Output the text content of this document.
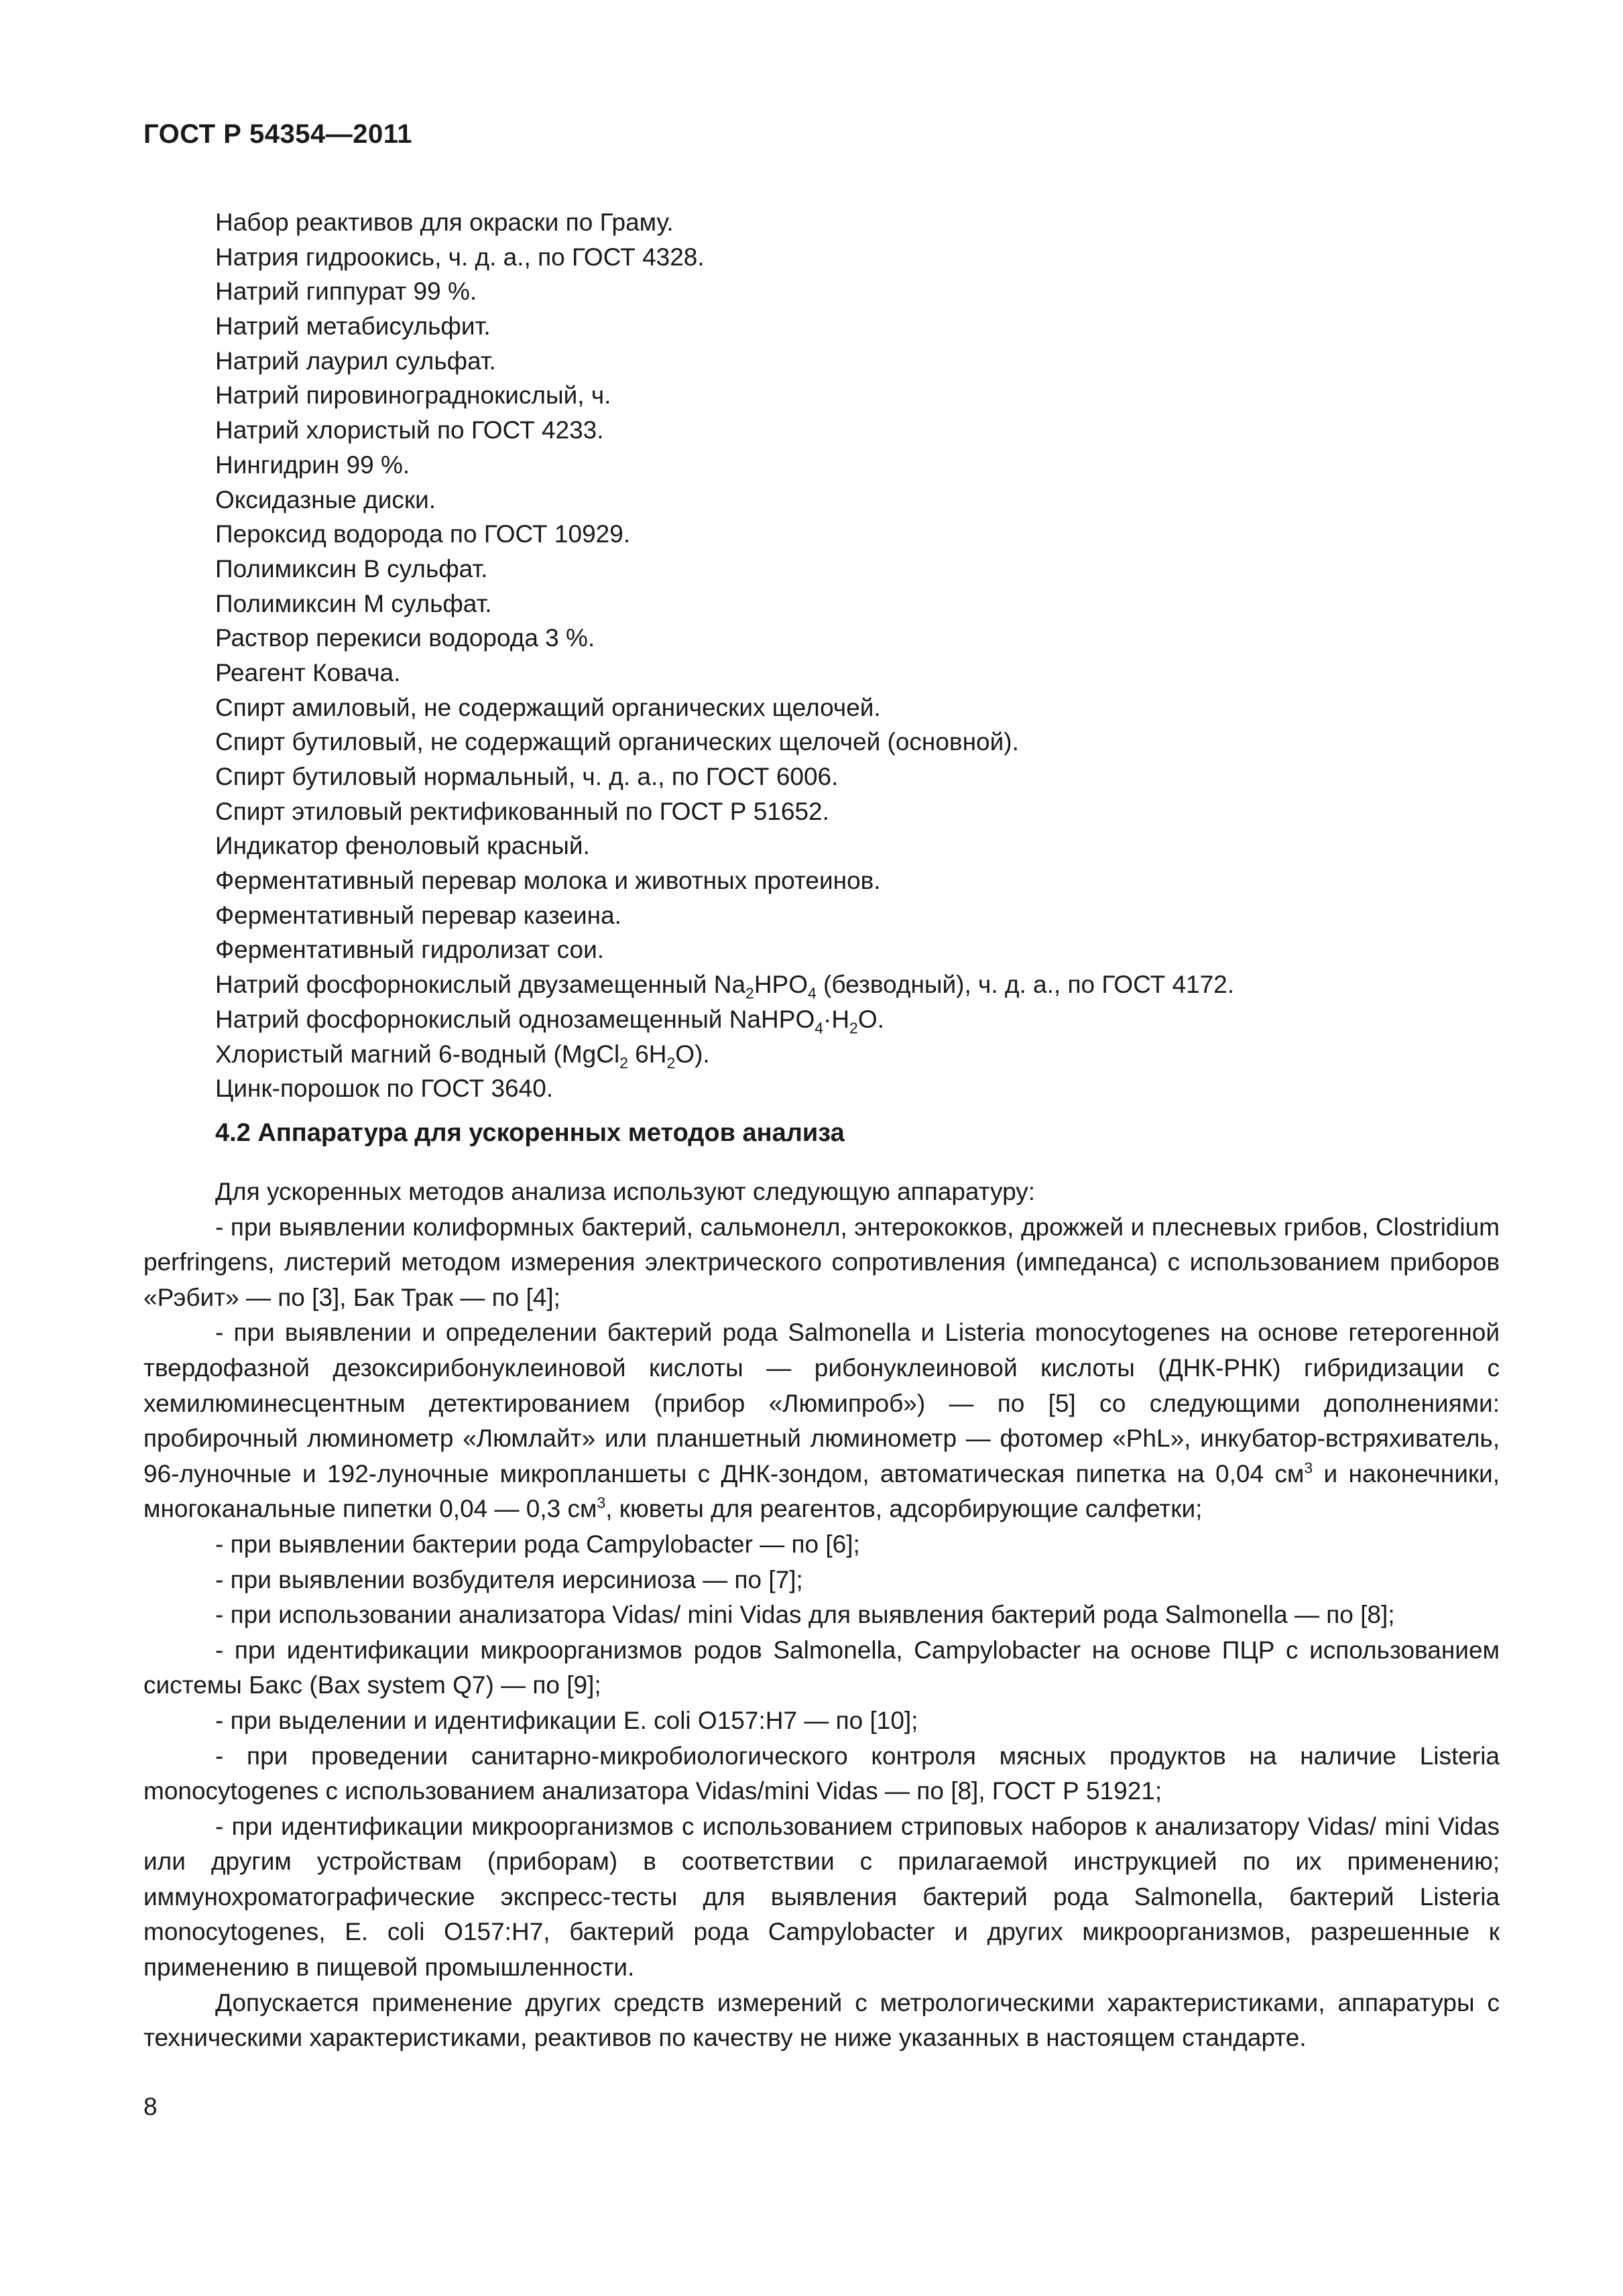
ГОСТ Р 54354—2011
Набор реактивов для окраски по Граму.
Натрия гидроокись, ч. д. а., по ГОСТ 4328.
Натрий гиппурат 99 %.
Натрий метабисульфит.
Натрий лаурил сульфат.
Натрий пировинограднокислый, ч.
Натрий хлористый по ГОСТ 4233.
Нингидрин 99 %.
Оксидазные диски.
Пероксид водорода по ГОСТ 10929.
Полимиксин В сульфат.
Полимиксин М сульфат.
Раствор перекиси водорода 3 %.
Реагент Ковача.
Спирт амиловый, не содержащий органических щелочей.
Спирт бутиловый, не содержащий органических щелочей (основной).
Спирт бутиловый нормальный, ч. д. а., по ГОСТ 6006.
Спирт этиловый ректификованный по ГОСТ Р 51652.
Индикатор феноловый красный.
Ферментативный перевар молока и животных протеинов.
Ферментативный перевар казеина.
Ферментативный гидролизат сои.
Натрий фосфорнокислый двузамещенный $Na_2HPO_4$ (безводный), ч. д. а., по ГОСТ 4172.
Натрий фосфорнокислый однозамещенный $NaHPO_4\cdot H_2O$.
Хлористый магний 6-водный (MgCl$_2$ $6H_2O$).
Цинк-порошок по ГОСТ 3640.
4.2 Аппаратура для ускоренных методов анализа

Для ускоренных методов анализа используют следующую аппаратуру:

- при выявлении колиформных бактерий, сальмонелл, энтерококков, дрожжей и плесневых грибов, Clostridium perfringens, листерий методом измерения электрического сопротивления (импеданса) с использованием приборов «Рэбит» — по [3], Бак Трак — по [4];

- при выявлении и определении бактерий рода Salmonella и Listeria monocytogenes на основе гетерогенной твердофазной дезоксирибонуклеиновой кислоты — рибонуклеиновой кислоты (ДНК-РНК) гибридизации с хемилюминесцентным детектированием (прибор «Люмипроб») — по [5] со следующими дополнениями: пробирочный люминометр «Люмлайт» или планшетный люминометр — фотомер «PhL», инкубатор-встряхиватель, 96-луночные и 192-луночные микропланшеты с ДНК-зондом, автоматическая пипетка на 0,04 $см^3$ и наконечники, многоканальные пипетки 0,04 — 0,3 $см^3$, кюветы для реагентов, адсорбирующие салфетки;

- при выявлении бактерии рода Campylobacter — по [6];

- при выявлении возбудителя иерсиниоза — по [7];

- при использовании анализатора Vidas/ mini Vidas для выявления бактерий рода Salmonella — по [8];

- при идентификации микроорганизмов родов Salmonella, Campylobacter на основе ПЦР с использованием системы Бакс (Bax system Q7) — по [9];

- при выделении и идентификации E. coli O157:H7 — по [10];

- при проведении санитарно-микробиологического контроля мясных продуктов на наличие Listeria monocytogenes с использованием анализатора Vidas/mini Vidas — по [8], ГОСТ Р 51921;

- при идентификации микроорганизмов с использованием стриповых наборов к анализатору Vidas/ mini Vidas или другим устройствам (приборам) в соответствии с прилагаемой инструкцией по их применению; иммунохроматографические экспресс-тесты для выявления бактерий рода Salmonella, бактерий Listeria monocytogenes, E. coli O157:H7, бактерий рода Campylobacter и других микроорганизмов, разрешенные к применению в пищевой промышленности.

Допускается применение других средств измерений с метрологическими характеристиками, аппаратуры с техническими характеристиками, реактивов по качеству не ниже указанных в настоящем стандарте.

8
